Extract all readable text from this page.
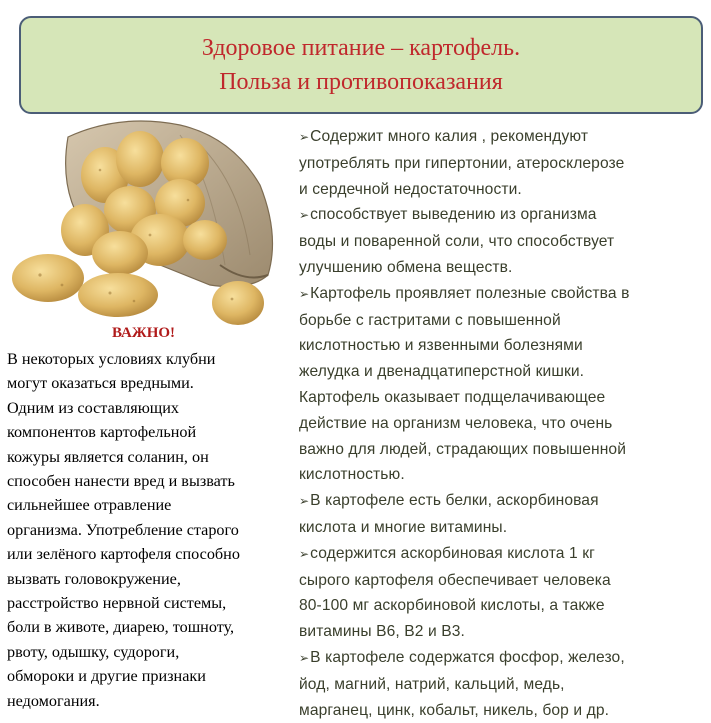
Здоровое питание – картофель.
Польза и противопоказания
ВАЖНО!
В некоторых условиях клубни
могут оказаться вредными.
Одним из составляющих
компонентов картофельной
кожуры является соланин, он
способен нанести вред и вызвать
сильнейшее отравление
организма. Употребление старого
или зелёного картофеля способно
вызвать головокружение,
расстройство нервной системы,
боли в животе, диарею, тошноту,
рвоту, одышку, судороги,
обмороки и другие признаки
недомогания.
➢Содержит много калия , рекомендуют
употреблять при гипертонии, атеросклерозе
и сердечной недостаточности.
➢способствует выведению из организма
воды и поваренной соли, что способствует
улучшению обмена веществ.
➢Картофель проявляет полезные свойства в
борьбе с гастритами с повышенной
кислотностью и язвенными болезнями
желудка и двенадцатиперстной кишки.
Картофель оказывает подщелачивающее
действие на организм человека, что очень
важно для людей, страдающих повышенной
кислотностью.
➢В картофеле есть белки, аскорбиновая
кислота и многие витамины.
➢содержится аскорбиновая кислота 1 кг
сырого картофеля обеспечивает человека
80-100 мг аскорбиновой кислоты, а также
витамины В6, В2 и В3.
➢В картофеле содержатся фосфор, железо,
йод, магний, натрий, кальций, медь,
марганец, цинк, кобальт, никель, бор и др.
